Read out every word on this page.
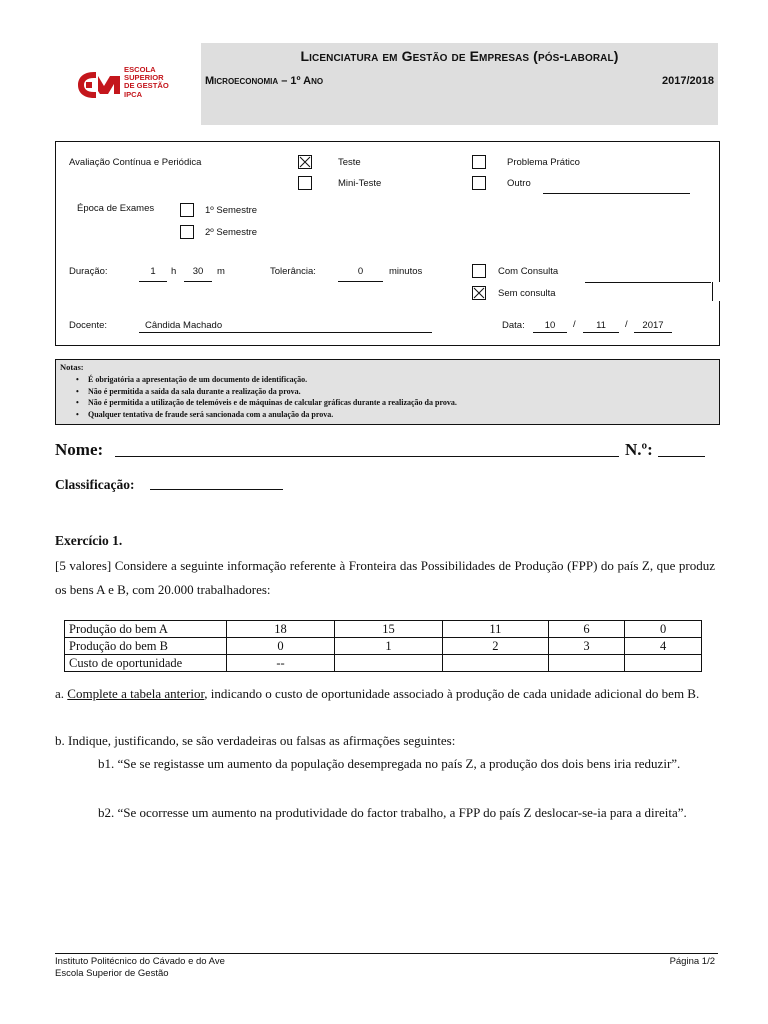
ESCOLA
SUPERIOR
DE GESTÃO
IPCA
Licenciatura em Gestão de Empresas (pós-laboral)
Microeconomia – 1º Ano	2017/2018
Avaliação Contínua e Periódica	Teste
Mini-Teste
Problema Prático
Outro
Época de Exames	1º Semestre
2º Semestre
Duração:	1	h	30	m	Tolerância:	0	minutos	Com Consulta
Sem consulta
Docente:	Cândida Machado	Data:	10	/	11	/	2017
Notas:
• É obrigatória a apresentação de um documento de identificação.
• Não é permitida a saída da sala durante a realização da prova.
• Não é permitida a utilização de telemóveis e de máquinas de calcular gráficas durante a realização da prova.
• Qualquer tentativa de fraude será sancionada com a anulação da prova.
Nome:	N.º:
Classificação:
Exercício 1.
[5 valores] Considere a seguinte informação referente à Fronteira das Possibilidades de Produção (FPP) do país Z, que produz os bens A e B, com 20.000 trabalhadores:
Produção do bem A	18	15	11	6	0
Produção do bem B	0	1	2	3	4
Custo de oportunidade	--				
a. Complete a tabela anterior, indicando o custo de oportunidade associado à produção de cada unidade adicional do bem B.
b. Indique, justificando, se são verdadeiras ou falsas as afirmações seguintes:
b1. “Se se registasse um aumento da população desempregada no país Z, a produção dos dois bens iria reduzir”.
b2. “Se ocorresse um aumento na produtividade do factor trabalho, a FPP do país Z deslocar-se-ia para a direita”.
Instituto Politécnico do Cávado e do Ave
Escola Superior de Gestão
Página 1/2
